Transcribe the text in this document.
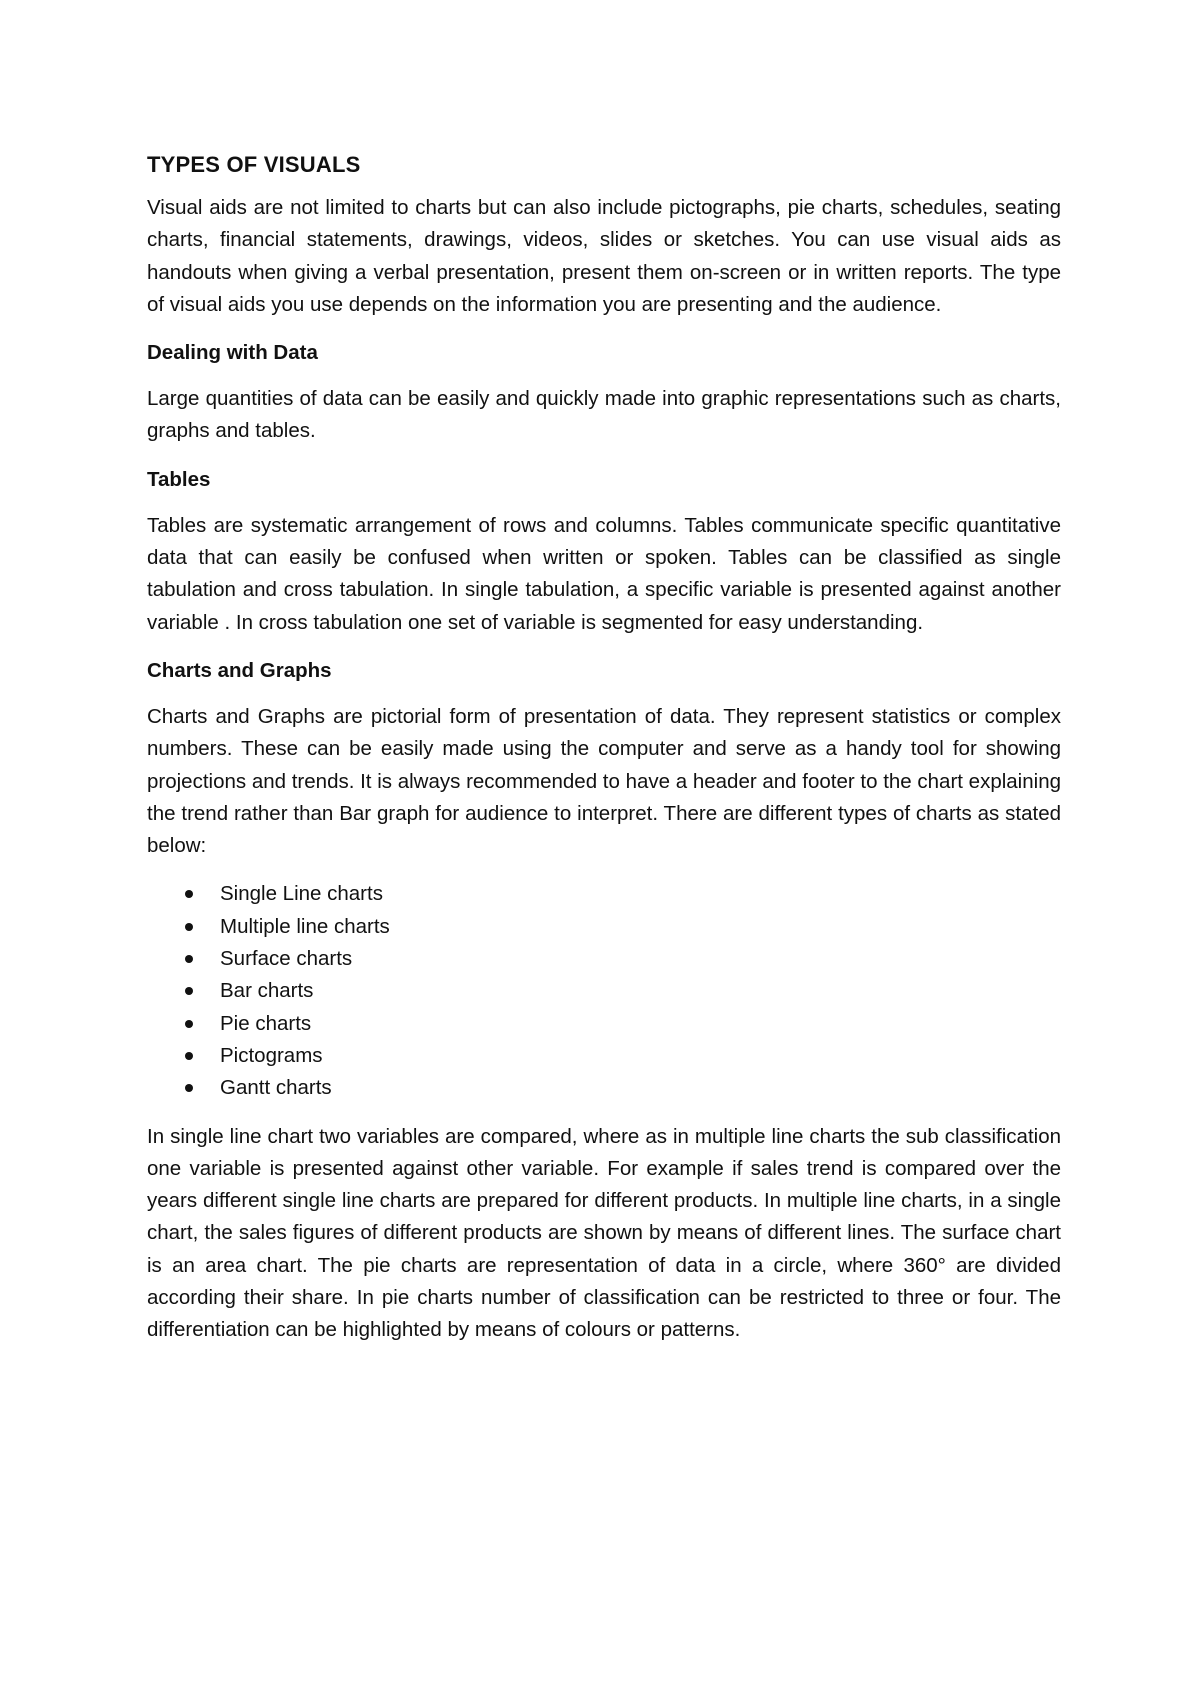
TYPES OF VISUALS

Visual aids are not limited to charts but can also include pictographs, pie charts, schedules, seating charts, financial statements, drawings, videos, slides or sketches. You can use visual aids as handouts when giving a verbal presentation, present them on-screen or in written reports. The type of visual aids you use depends on the information you are presenting and the audience.

Dealing with Data

Large quantities of data can be easily and quickly made into graphic representations such as charts, graphs and tables.

Tables

Tables are systematic arrangement of rows and columns. Tables communicate specific quantitative data that can easily be confused when written or spoken. Tables can be classified as single tabulation and cross tabulation. In single tabulation, a specific variable is presented against another variable . In cross tabulation one set of variable is segmented for easy understanding.

Charts and Graphs

Charts and Graphs are pictorial form of presentation of data. They represent statistics or complex numbers. These can be easily made using the computer and serve as a handy tool for showing projections and trends. It is always recommended to have a header and footer to the chart explaining the trend rather than Bar graph for audience to interpret. There are different types of charts as stated below:

Single Line charts
Multiple line charts
Surface charts
Bar charts
Pie charts
Pictograms
Gantt charts

In single line chart two variables are compared, where as in multiple line charts the sub classification one variable is presented against other variable. For example if sales trend is compared over the years different single line charts are prepared for different products. In multiple line charts, in a single chart, the sales figures of different products are shown by means of different lines. The surface chart is an area chart. The pie charts are representation of data in a circle, where 360° are divided according their share. In pie charts number of classification can be restricted to three or four. The differentiation can be highlighted by means of colours or patterns.
